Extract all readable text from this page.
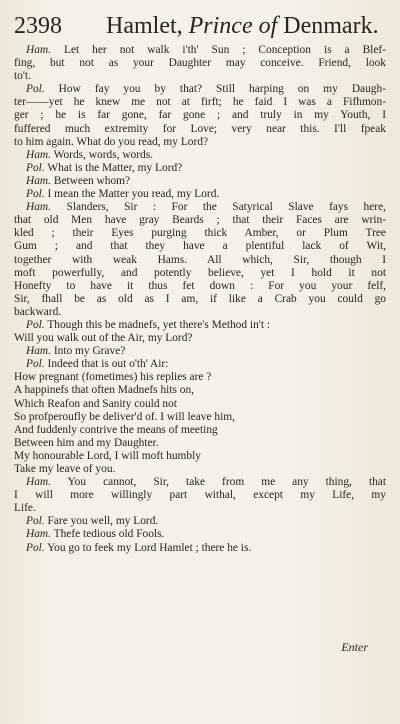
2398 Hamlet, Prince of Denmark.
Ham. Let her not walk i'th' Sun ; Conception is a Blef-
fing, but not as your Daughter may conceive. Friend, look
to't.
Pol. How fay you by that? Still harping on my Daugh-
ter——yet he knew me not at firft; he faid I was a Fifhmon-
ger ; he is far gone, far gone ; and truly in my Youth, I
fuffered much extremity for Love; very near this. I'll fpeak
to him again. What do you read, my Lord?
Ham. Words, words, words.
Pol. What is the Matter, my Lord?
Ham. Between whom?
Pol. I mean the Matter you read, my Lord.
Ham. Slanders, Sir : For the Satyrical Slave fays here,
that old Men have gray Beards ; that their Faces are wrin-
kled ; their Eyes purging thick Amber, or Plum Tree
Gum ; and that they have a plentiful lack of Wit,
together with weak Hams. All which, Sir, though I
moft powerfully, and potently believe, yet I hold it not
Honefty to have it thus fet down : For you your felf,
Sir, fhall be as old as I am, if like a Crab you could go
backward.
Pol. Though this be madnefs, yet there's Method in't :
Will you walk out of the Air, my Lord?
Ham. Into my Grave?
Pol. Indeed that is out o'th' Air:
How pregnant (fometimes) his replies are ?
A happinefs that often Madnefs hits on,
Which Reafon and Sanity could not
So profperoufly be deliver'd of. I will leave him,
And fuddenly contrive the means of meeting
Between him and my Daughter.
My honourable Lord, I will moft humbly
Take my leave of you.
Ham. You cannot, Sir, take from me any thing, that
I will more willingly part withal, except my Life, my
Life.
Pol. Fare you well, my Lord.
Ham. Thefe tedious old Fools.
Pol. You go to feek my Lord Hamlet ; there he is.
Enter
